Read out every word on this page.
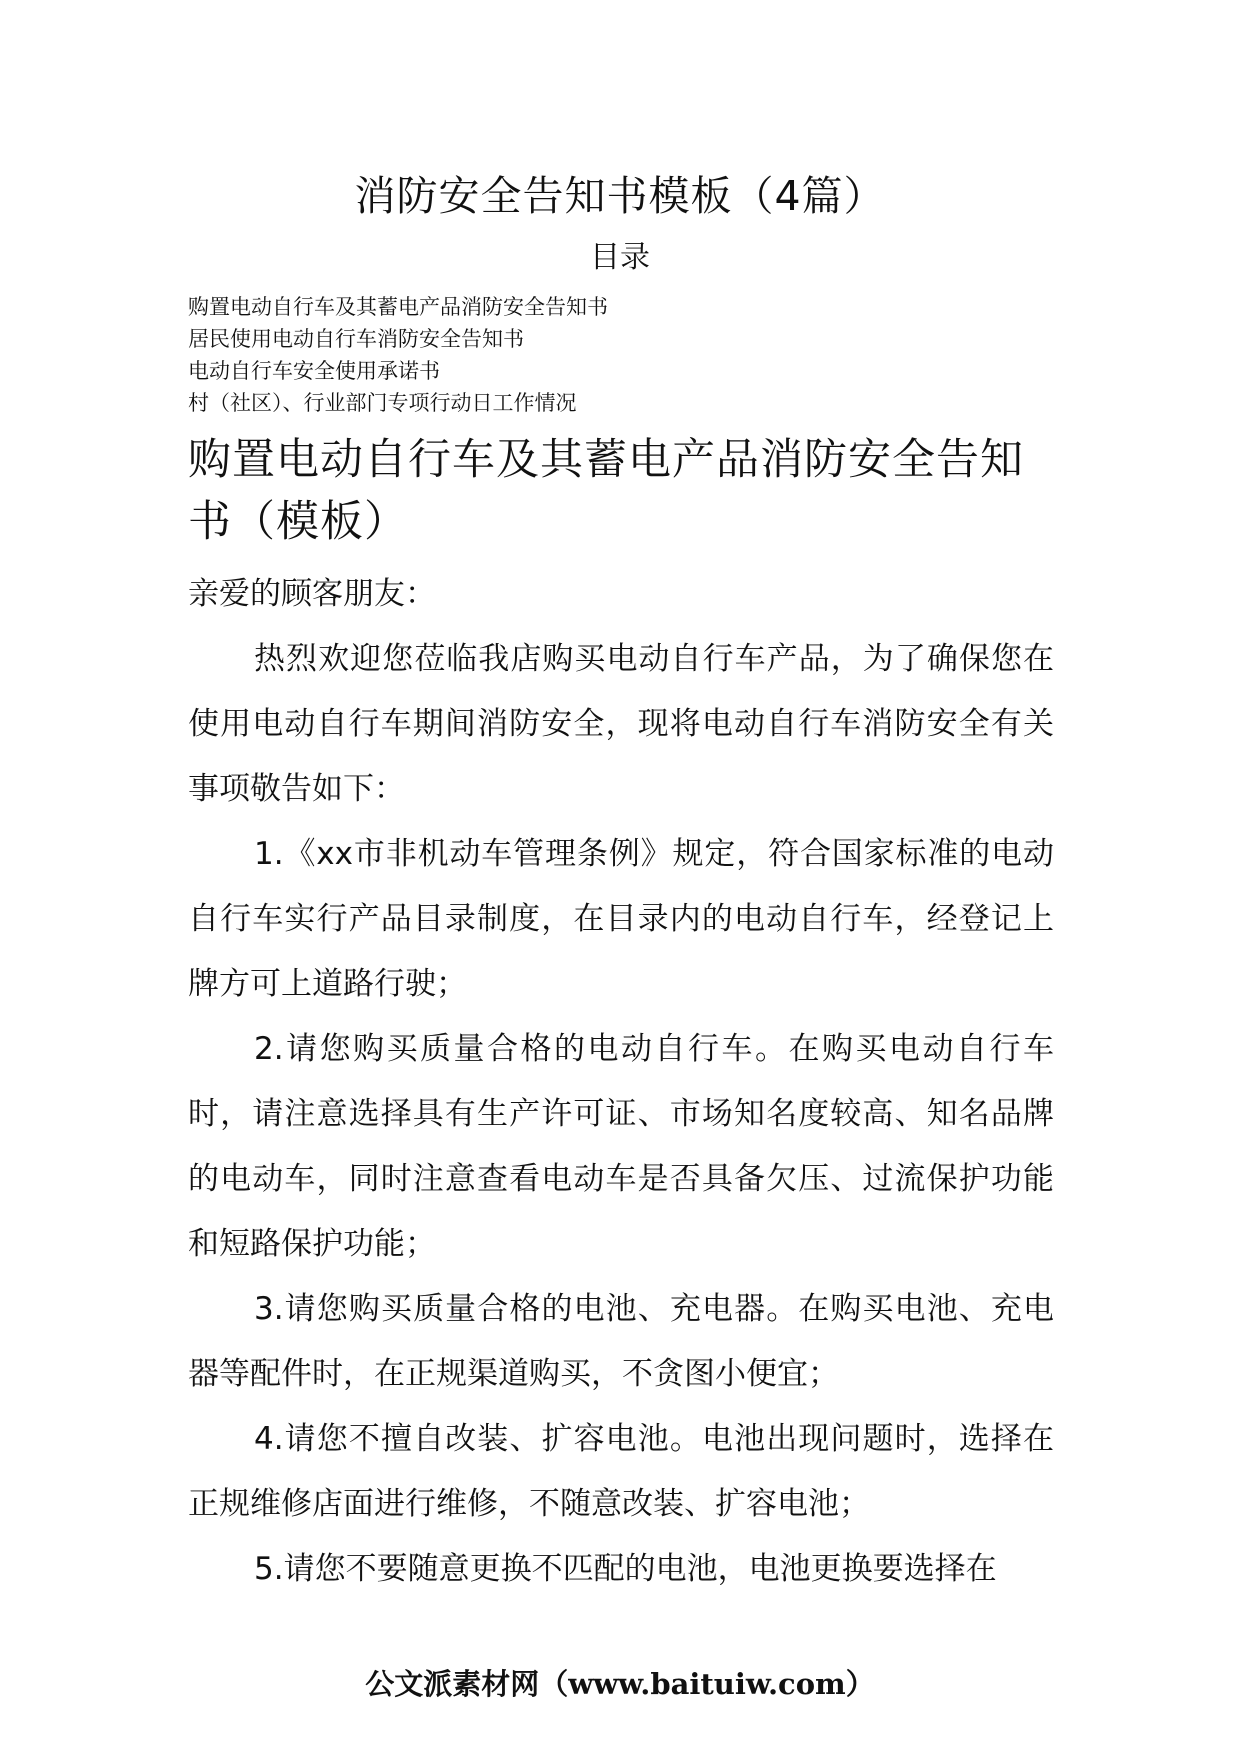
消防安全告知书模板（4篇）
目录
购置电动自行车及其蓄电产品消防安全告知书
居民使用电动自行车消防安全告知书
电动自行车安全使用承诺书
村（社区）、行业部门专项行动日工作情况
购置电动自行车及其蓄电产品消防安全告知书（模板）

亲爱的顾客朋友：

热烈欢迎您莅临我店购买电动自行车产品，为了确保您在使用电动自行车期间消防安全，现将电动自行车消防安全有关事项敬告如下：

1.《xx市非机动车管理条例》规定，符合国家标准的电动自行车实行产品目录制度，在目录内的电动自行车，经登记上牌方可上道路行驶；

2.请您购买质量合格的电动自行车。在购买电动自行车时，请注意选择具有生产许可证、市场知名度较高、知名品牌的电动车，同时注意查看电动车是否具备欠压、过流保护功能和短路保护功能；

3.请您购买质量合格的电池、充电器。在购买电池、充电器等配件时，在正规渠道购买，不贪图小便宜；

4.请您不擅自改装、扩容电池。电池出现问题时，选择在正规维修店面进行维修，不随意改装、扩容电池；

5.请您不要随意更换不匹配的电池，电池更换要选择在

公文派素材网（www.baituiw.com）
